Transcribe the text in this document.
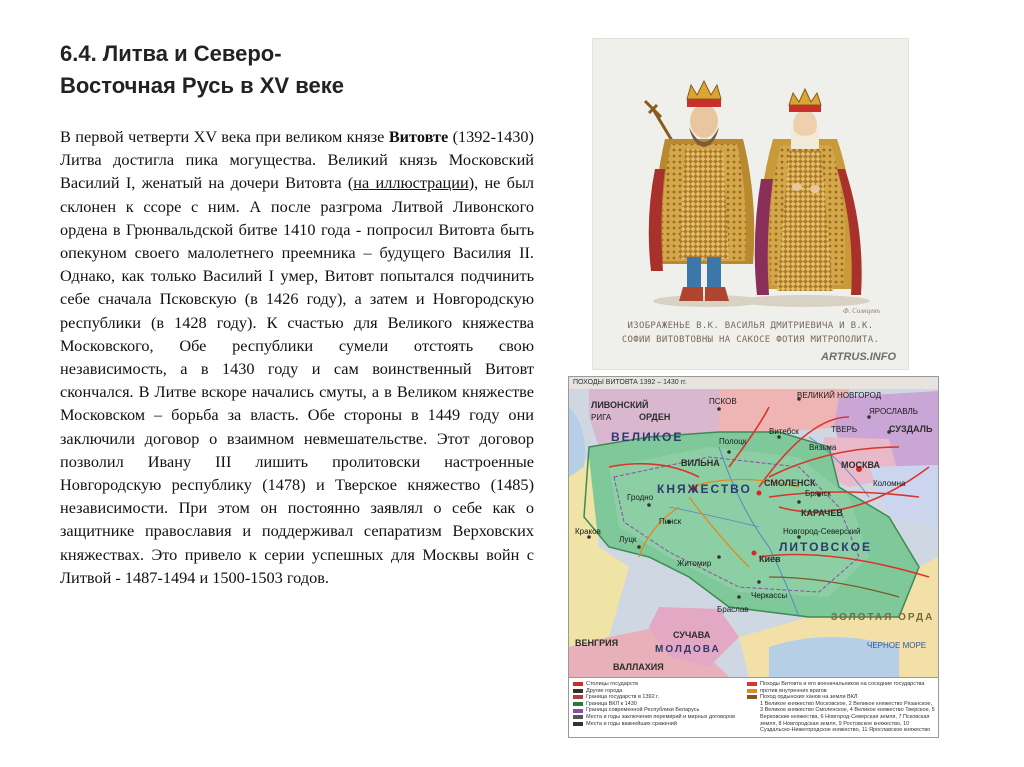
6.4. Литва и Северо-
Восточная Русь в XV веке
В первой четверти XV века при великом князе Витовте (1392-1430) Литва достигла пика могущества. Великий князь Московский Василий I, женатый на дочери Витовта (на иллюстрации), не был склонен к ссоре с ним. А после разгрома Литвой Ливонского ордена в Грюнвальдской битве 1410 года - попросил Витовта быть опекуном своего малолетнего преемника – будущего Василия II. Однако, как только Василий I умер, Витовт попытался подчинить себе сначала Псковскую (в 1426 году), а затем и Новгородскую республики (в 1428 году). К счастью для Великого княжества Московского, Обе республики сумели отстоять свою независимость, а в 1430 году и сам воинственный Витовт скончался. В Литве вскоре начались смуты, а в Великом княжестве Московском – борьба за власть. Обе стороны в 1449 году они заключили договор о взаимном невмешательстве. Этот договор позволил Ивану III лишить пролитовски настроенные Новгородскую республику (1478) и Тверское княжество (1485) независимости. При этом он постоянно заявлял о себе как о защитнике православия и поддерживал сепаратизм Верховских княжествах. Это привело к серии успешных для Москвы войн с Литвой - 1487-1494 и 1500-1503 годов.
Ф. Солнцевъ
ИЗОБРАЖЕНЬЕ В.К. ВАСИЛЬЯ ДМИТРИЕВИЧА И В.К.
СОФИИ ВИТОВТОВНЫ НА САКОСЕ ФОТИЯ МИТРОПОЛИТА.
ARTRUS.INFO
ПОХОДЫ ВИТОВТА 1392 – 1430 гг.
ВЕЛИКИЙ НОВГОРОД
ЛИВОНСКИЙ
РИГА	ОРДЕН
ПСКОВ
ЯРОСЛАВЛЬ
ТВЕРЬ	СУЗДАЛЬ
МОСКВА
Коломна
Вязьма
Полоцк
Витебск
ВЕЛИКОЕ
ВИЛЬНА
СМОЛЕНСК
Гродно
КНЯЖЕСТВО
КАРАЧЕВ
Брянск
Пинск
Новгород-Северский
Луцк
ЛИТОВСКОЕ
Киев
Житомир
Черкассы
Браслав
Краков
СУЧАВА
МОЛДОВА
ВЕНГРИЯ
ВАЛЛАХИЯ
ЗОЛОТАЯ ОРДА
ЧЕРНОЕ МОРЕ
Столицы государств
Другие города
Граница государств в 1392 г.
Граница ВКЛ к 1430
Граница современной Республики Беларусь
Места и годы заключения перемирий и мирных договоров
Места и годы важнейших сражений
Походы Витовта и его военачальников на соседние государства
против внутренних врагов
Поход ордынских ханов на земли ВКЛ
1 Великое княжество Московское, 2 Великое княжество Рязанское, 3 Великое княжество Смоленское, 4 Великое княжество Тверское, 5 Верховские княжества, 6 Новгород-Северская земля, 7 Псковская земля, 8 Новгородская земля, 9 Ростовское княжество, 10 Суздальско-Нижегородское княжество, 11 Ярославское княжество
